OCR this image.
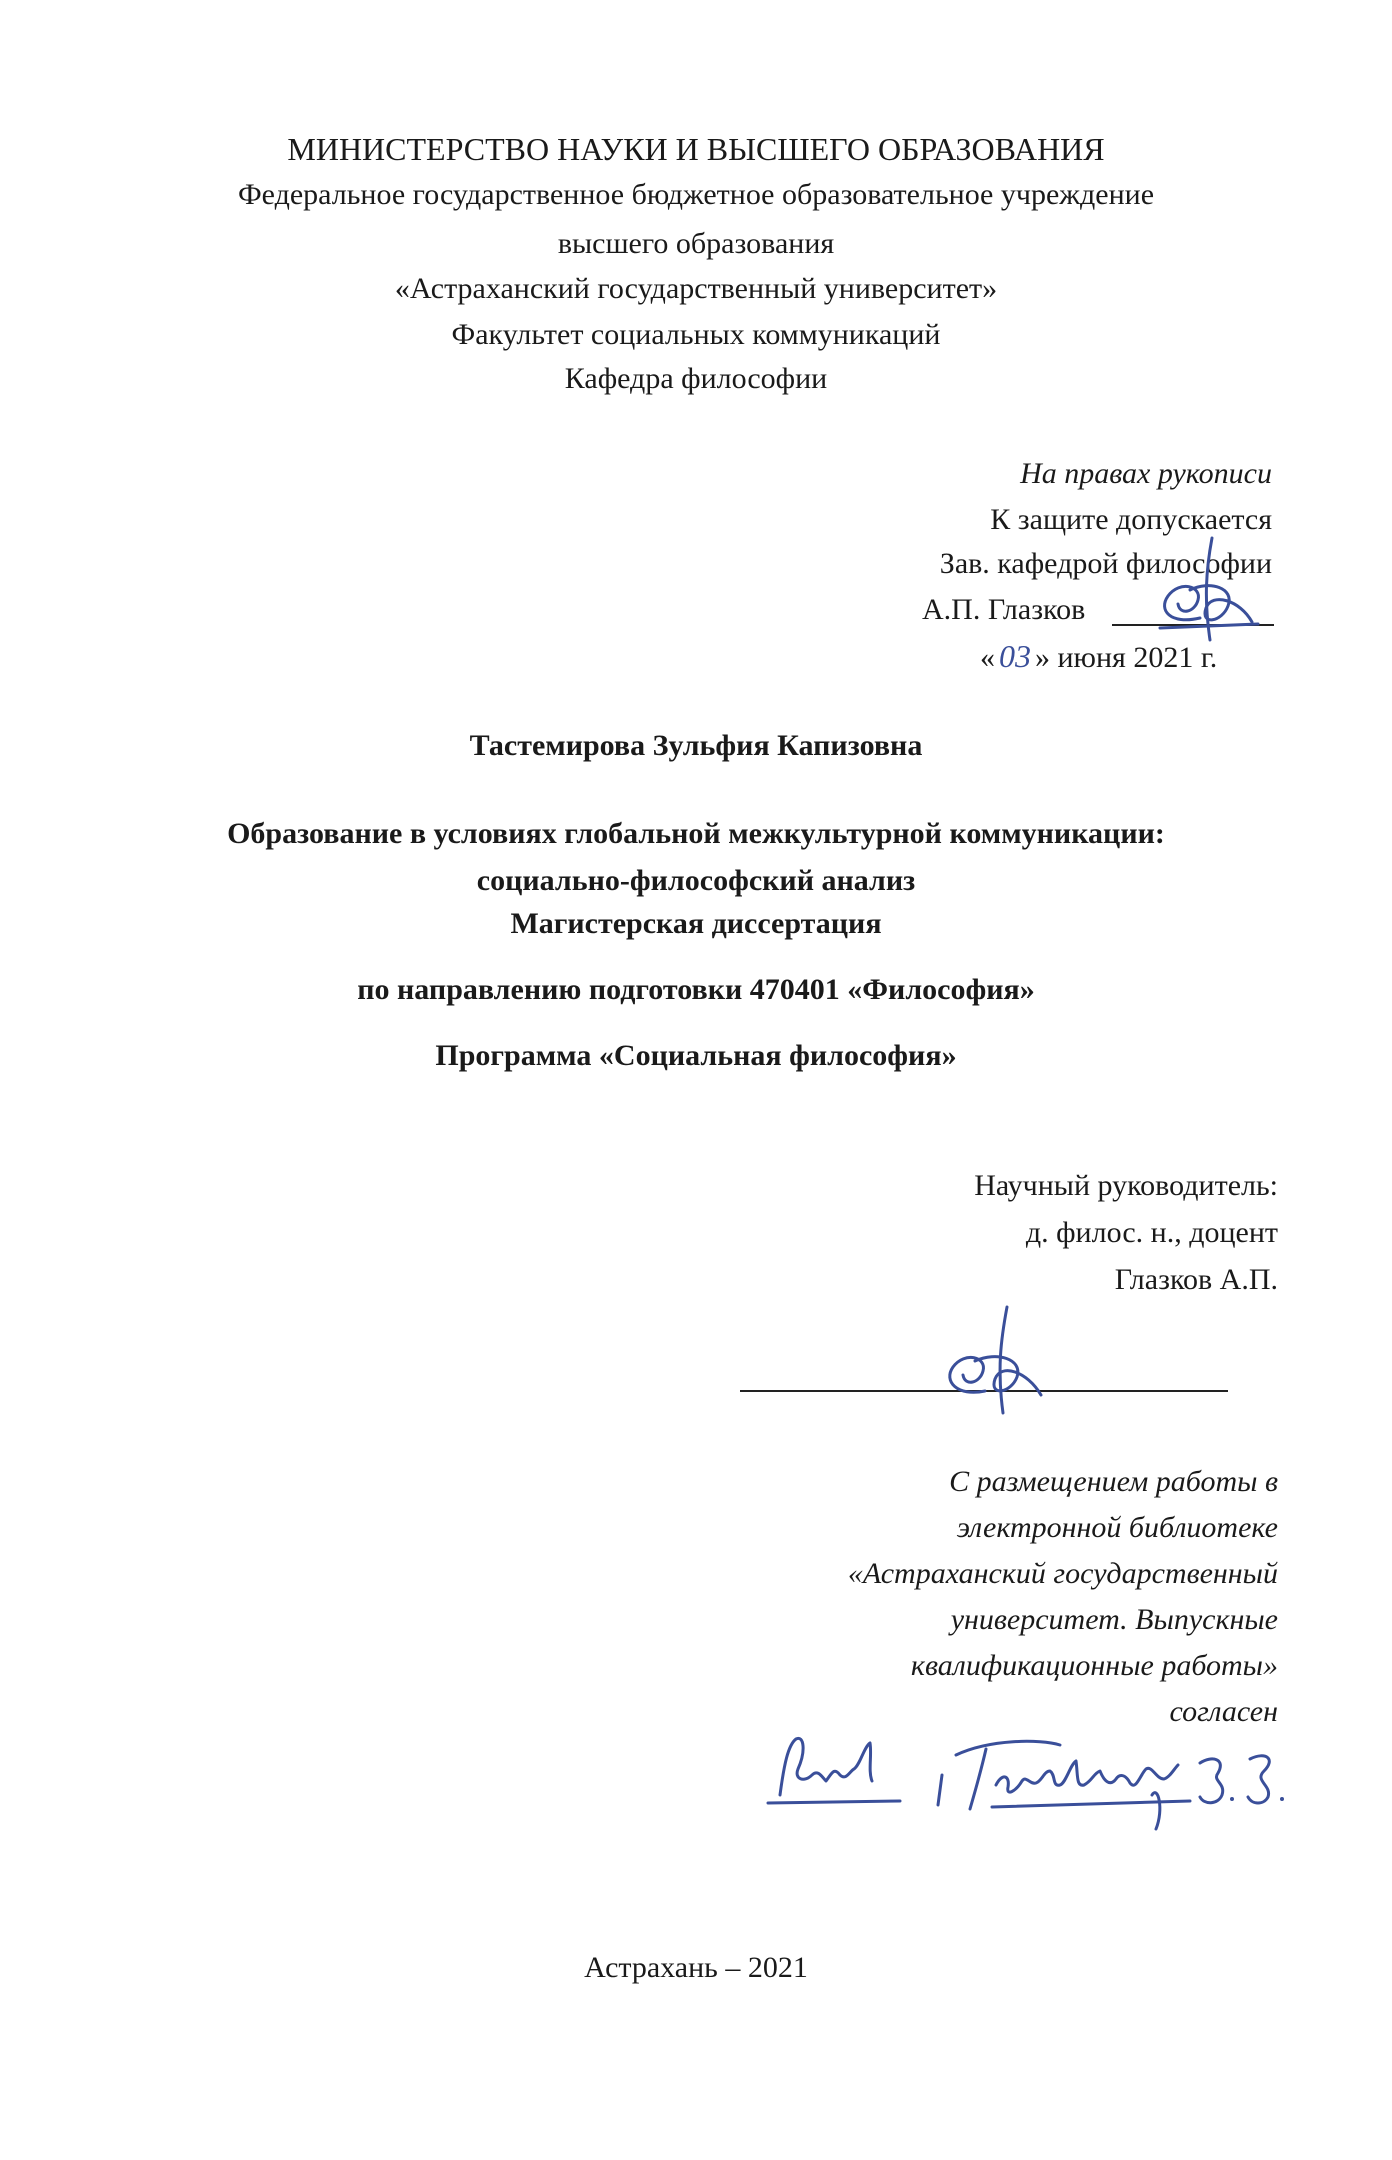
МИНИСТЕРСТВО НАУКИ И ВЫСШЕГО ОБРАЗОВАНИЯ
Федеральное государственное бюджетное образовательное учреждение
высшего образования
«Астраханский государственный университет»
Факультет социальных коммуникаций
Кафедра философии
На правах рукописи
К защите допускается
Зав. кафедрой философии
А.П. Глазков
« 03 » июня 2021 г.
Тастемирова Зульфия Капизовна
Образование в условиях глобальной межкультурной коммуникации:
социально-философский анализ
Магистерская диссертация
по направлению подготовки 470401 «Философия»
Программа «Социальная философия»
Научный руководитель:
д. филос. н., доцент
Глазков А.П.
С размещением работы в
электронной библиотеке
«Астраханский государственный
университет. Выпускные
квалификационные работы»
согласен
Астрахань – 2021
